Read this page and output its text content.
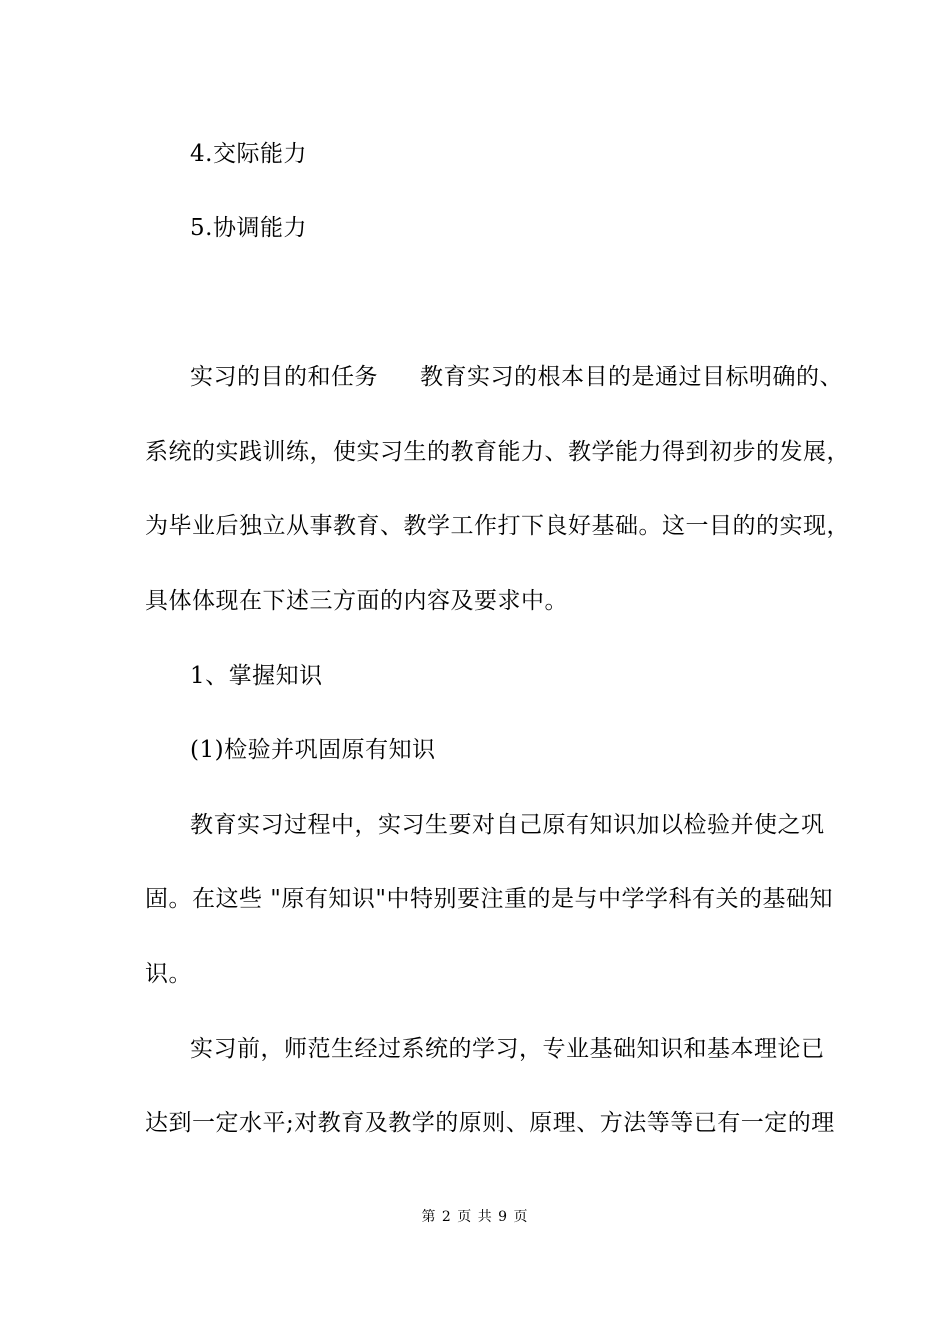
4.交际能力
5.协调能力
实习的目的和任务 教育实习的根本目的是通过目标明确的、
系统的实践训练，使实习生的教育能力、教学能力得到初步的发展，
为毕业后独立从事教育、教学工作打下良好基础。这一目的的实现，
具体体现在下述三方面的内容及要求中。
1、掌握知识
(1)检验并巩固原有知识
教育实习过程中，实习生要对自己原有知识加以检验并使之巩
固。在这些 "原有知识"中特别要注重的是与中学学科有关的基础知
识。
实习前，师范生经过系统的学习，专业基础知识和基本理论已
达到一定水平;对教育及教学的原则、原理、方法等等已有一定的理
第 2 页 共 9 页
